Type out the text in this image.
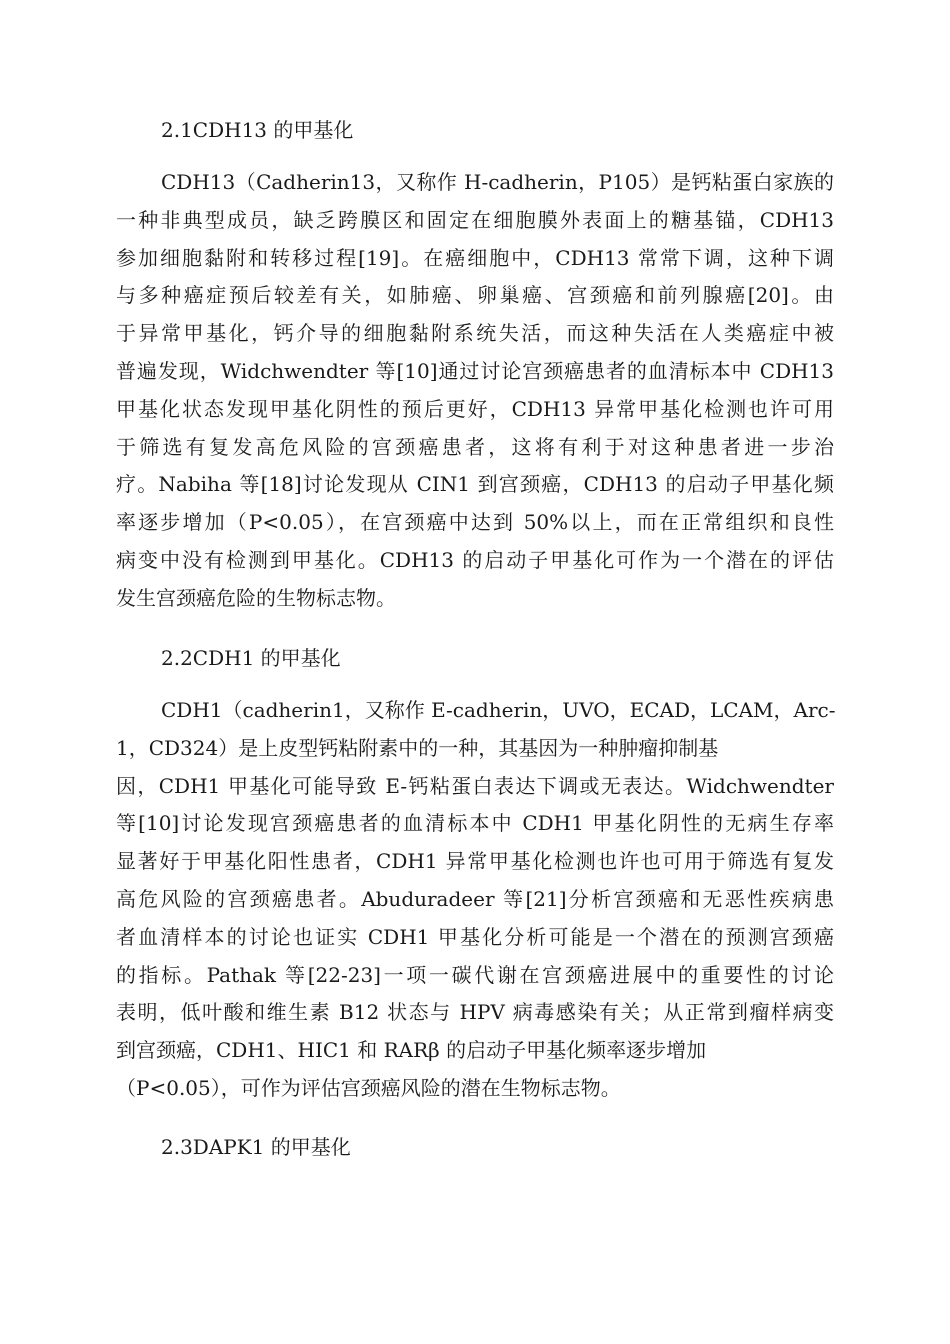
2.1CDH13 的甲基化
CDH13（Cadherin13，又称作 H-cadherin，P105）是钙粘蛋白家族的
一种非典型成员，缺乏跨膜区和固定在细胞膜外表面上的糖基锚，CDH13
参加细胞黏附和转移过程[19]。在癌细胞中，CDH13 常常下调，这种下调
与多种癌症预后较差有关，如肺癌、卵巢癌、宫颈癌和前列腺癌[20]。由
于异常甲基化，钙介导的细胞黏附系统失活，而这种失活在人类癌症中被
普遍发现，Widchwendter 等[10]通过讨论宫颈癌患者的血清标本中 CDH13
甲基化状态发现甲基化阴性的预后更好，CDH13 异常甲基化检测也许可用
于筛选有复发高危风险的宫颈癌患者，这将有利于对这种患者进一步治
疗。Nabiha 等[18]讨论发现从 CIN1 到宫颈癌，CDH13 的启动子甲基化频
率逐步增加（P<0.05），在宫颈癌中达到 50%以上，而在正常组织和良性
病变中没有检测到甲基化。CDH13 的启动子甲基化可作为一个潜在的评估
发生宫颈癌危险的生物标志物。
2.2CDH1 的甲基化
CDH1（cadherin1，又称作 E-cadherin，UVO，ECAD，LCAM，Arc-
1，CD324）是上皮型钙粘附素中的一种，其基因为一种肿瘤抑制基
因，CDH1 甲基化可能导致 E-钙粘蛋白表达下调或无表达。Widchwendter
等[10]讨论发现宫颈癌患者的血清标本中 CDH1 甲基化阴性的无病生存率
显著好于甲基化阳性患者，CDH1 异常甲基化检测也许也可用于筛选有复发
高危风险的宫颈癌患者。Abuduradeer 等[21]分析宫颈癌和无恶性疾病患
者血清样本的讨论也证实 CDH1 甲基化分析可能是一个潜在的预测宫颈癌
的指标。Pathak 等[22-23]一项一碳代谢在宫颈癌进展中的重要性的讨论
表明，低叶酸和维生素 B12 状态与 HPV 病毒感染有关；从正常到瘤样病变
到宫颈癌，CDH1、HIC1 和 RARβ 的启动子甲基化频率逐步增加
（P<0.05），可作为评估宫颈癌风险的潜在生物标志物。
2.3DAPK1 的甲基化
